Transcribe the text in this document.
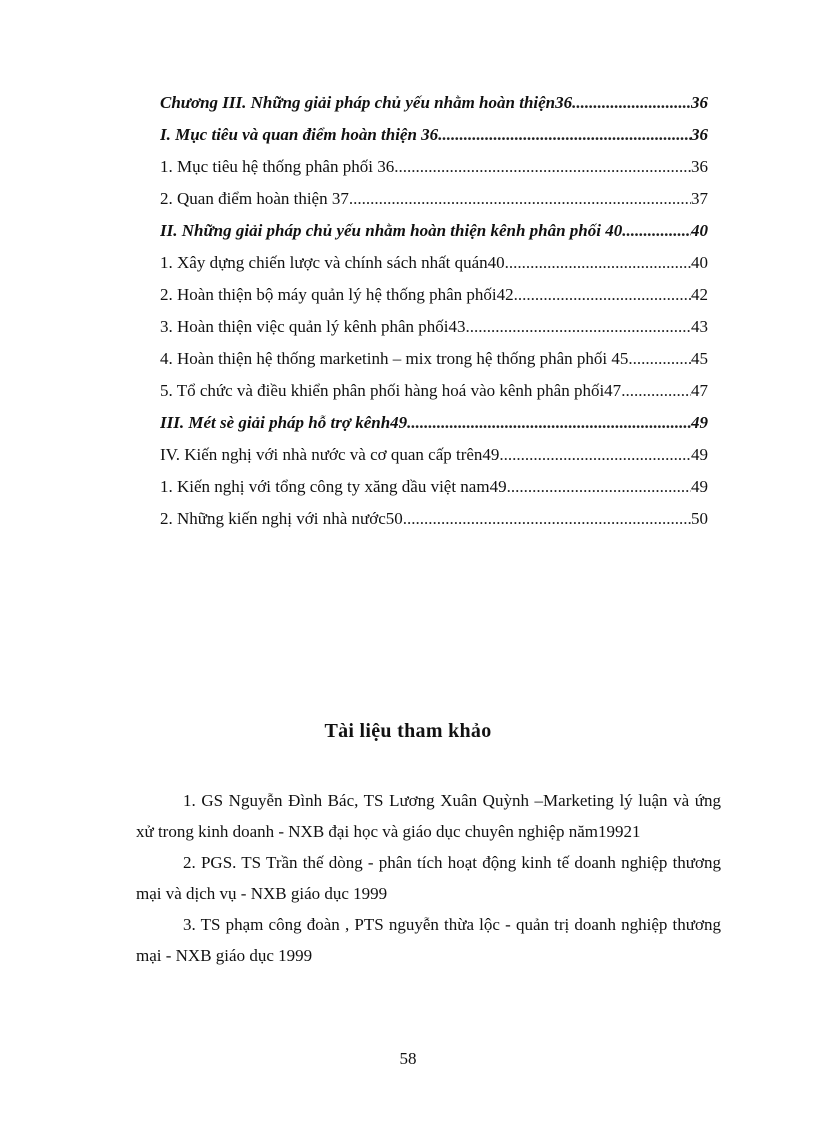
Chương III. Những giải pháp chủ yếu nhằm hoàn thiện36 .....	36
I. Mục tiêu và quan điểm hoàn thiện 36 .....	36
1. Mục tiêu hệ thống phân phối 36 .....	36
2. Quan điểm hoàn thiện 37 .....	37
II. Những giải pháp chủ yếu nhằm hoàn thiện kênh phân phối 40 .....	40
1. Xây dựng chiến lược và chính sách nhất quán40 .....	40
2. Hoàn thiện bộ máy quản lý hệ thống phân phối42 .....	42
3. Hoàn thiện việc quản lý kênh phân phối43 .....	43
4. Hoàn thiện hệ thống marketinh – mix trong hệ thống phân phối 45 .....	45
5. Tổ chức và điều khiển phân phối hàng hoá vào kênh phân phối47 .....	47
III. Mét sè giải pháp hỗ trợ kênh49 .....	49
IV. Kiến nghị với nhà nước và cơ quan cấp trên49 .....	49
1. Kiến nghị với tổng công ty xăng dầu việt nam49 .....	49
2. Những kiến nghị với nhà nước50 .....	50
Tài liệu tham khảo

1. GS Nguyễn Đình Bác, TS Lương Xuân Quỳnh –Marketing lý luận và ứng xử trong kinh doanh - NXB đại học và giáo dục chuyên nghiệp năm19921

2. PGS. TS Trần thế dòng - phân tích hoạt động kinh tế doanh nghiệp thương mại và dịch vụ - NXB giáo dục 1999

3. TS phạm công đoàn , PTS nguyễn thừa lộc - quản trị doanh nghiệp thương mại - NXB giáo dục 1999

58
